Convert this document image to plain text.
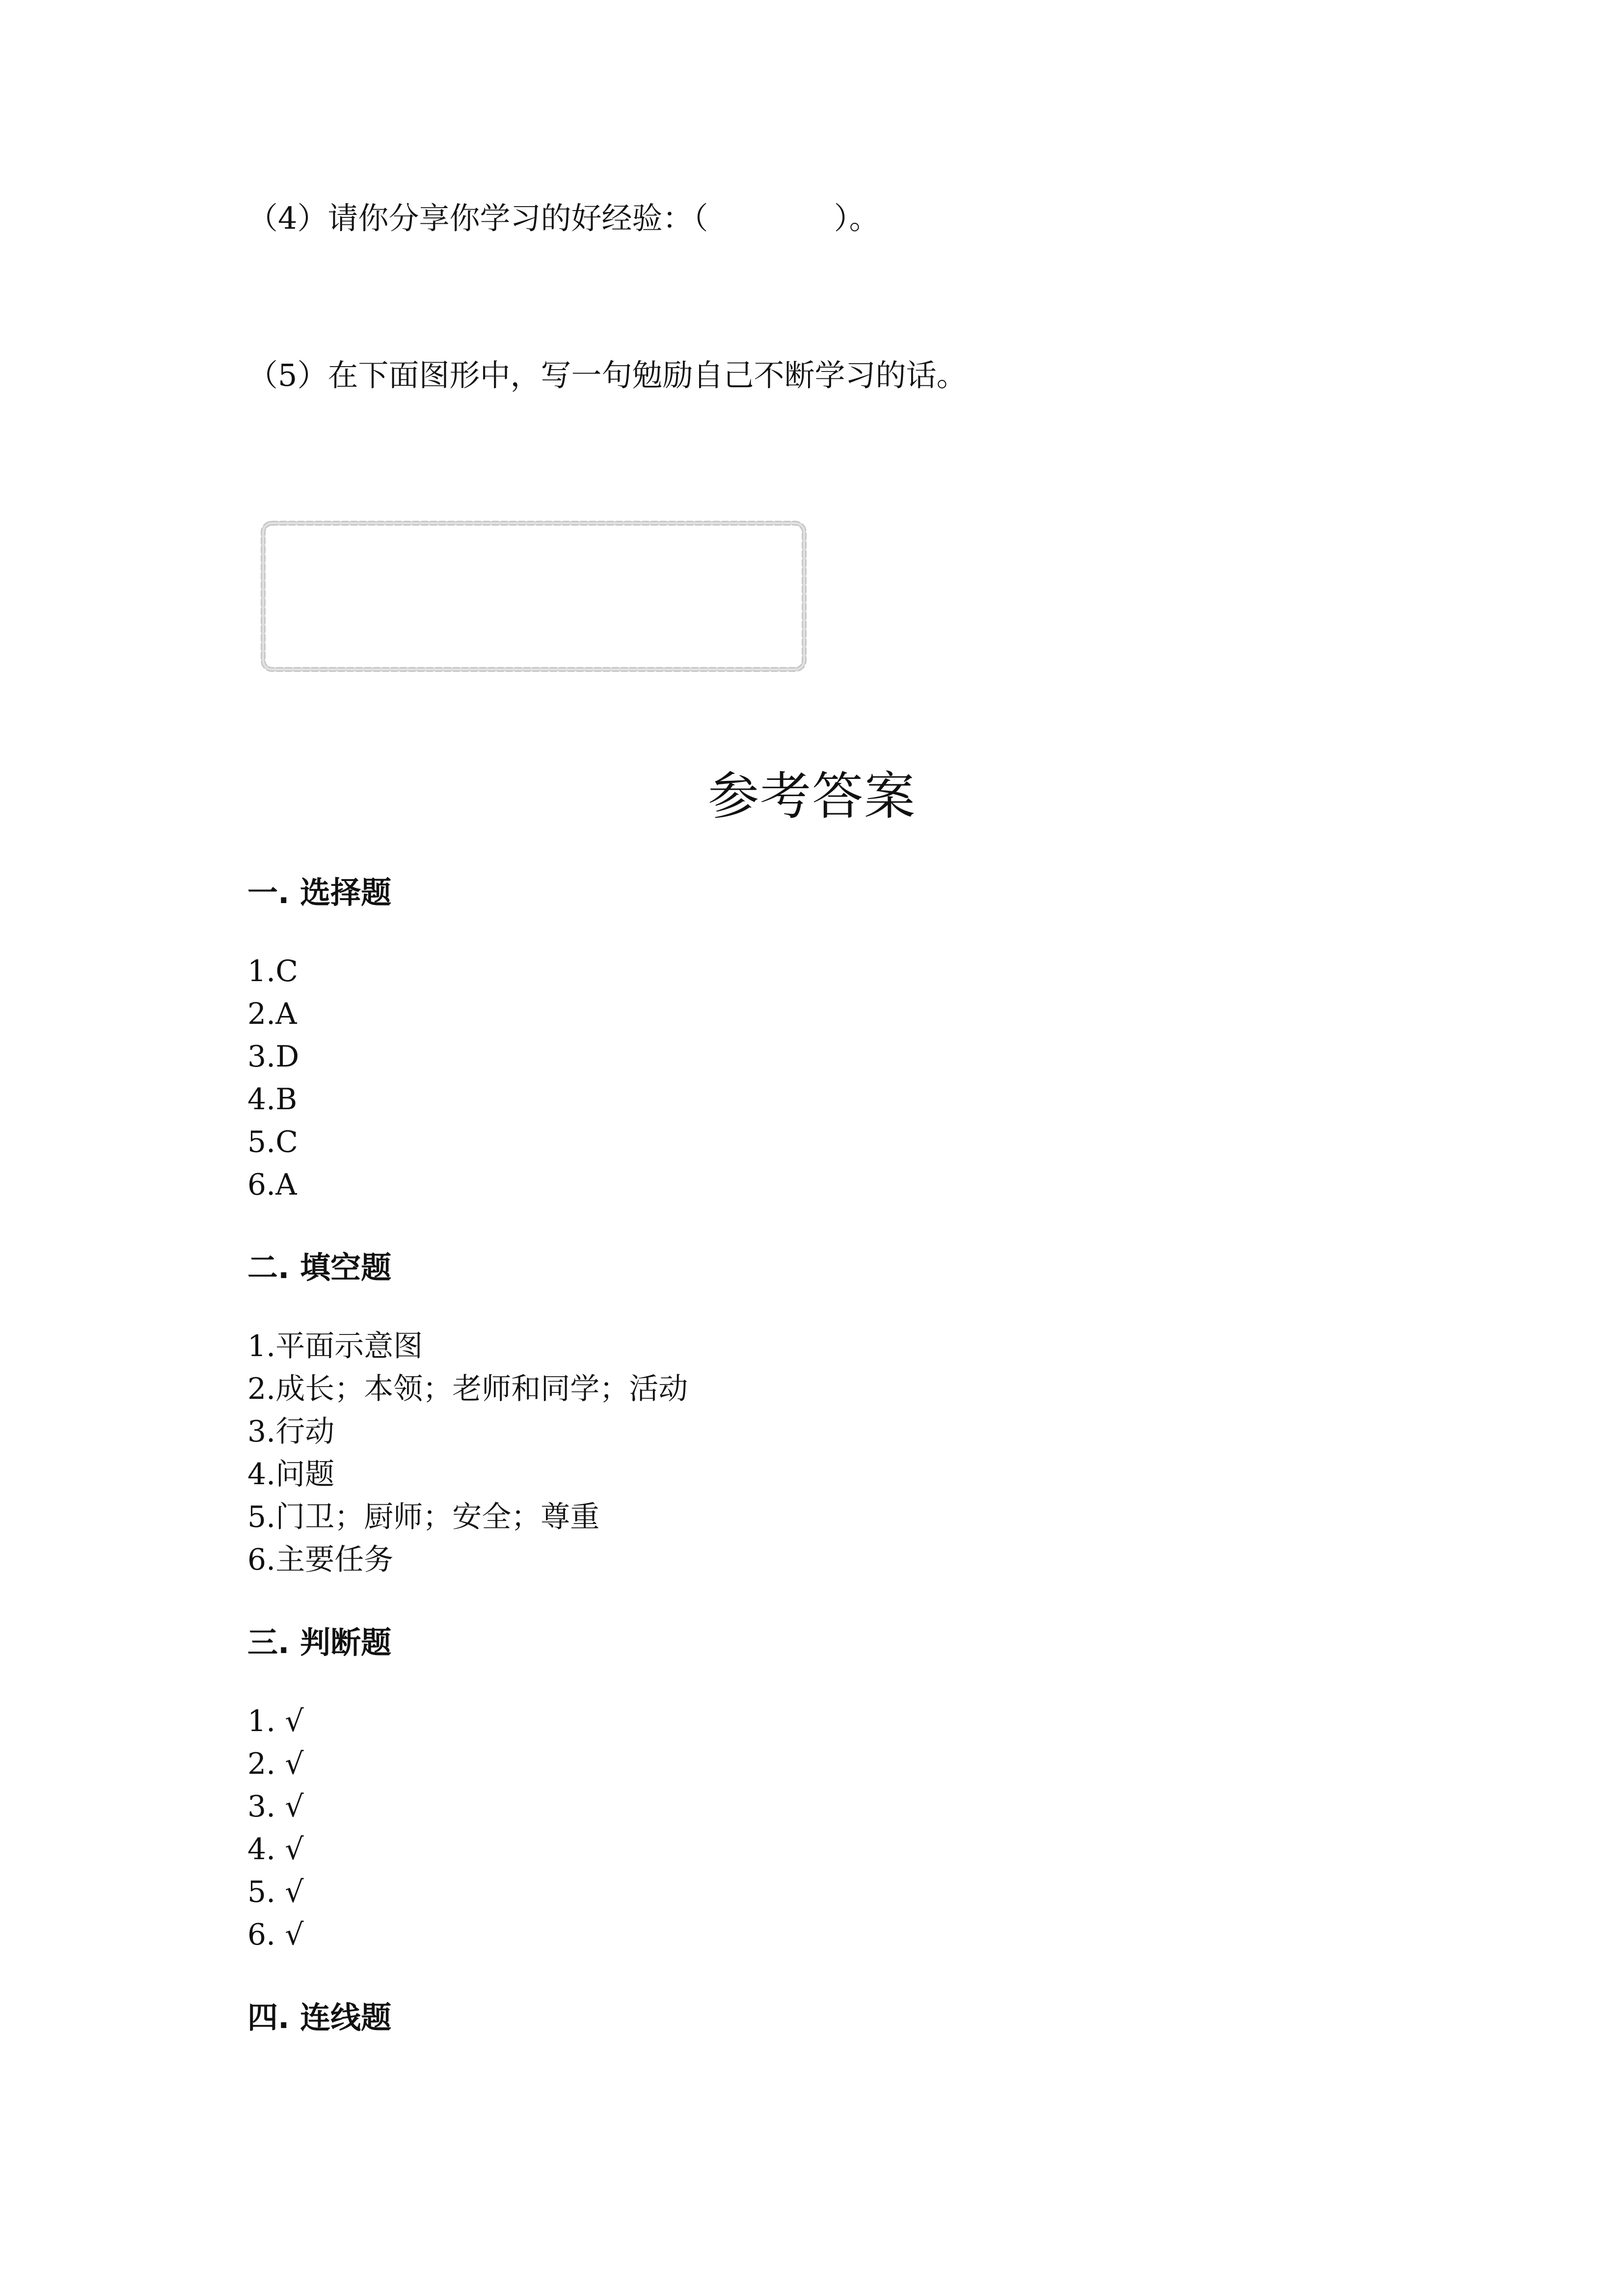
（4）请你分享你学习的好经验：（             ）。
（5）在下面图形中，写一句勉励自己不断学习的话。
参考答案
一. 选择题
1.C
2.A
3.D
4.B
5.C
6.A
二. 填空题
1.平面示意图
2.成长；本领；老师和同学；活动
3.行动
4.问题
5.门卫；厨师；安全；尊重
6.主要任务
三. 判断题
1. √
2. √
3. √
4. √
5. √
6. √
四. 连线题
